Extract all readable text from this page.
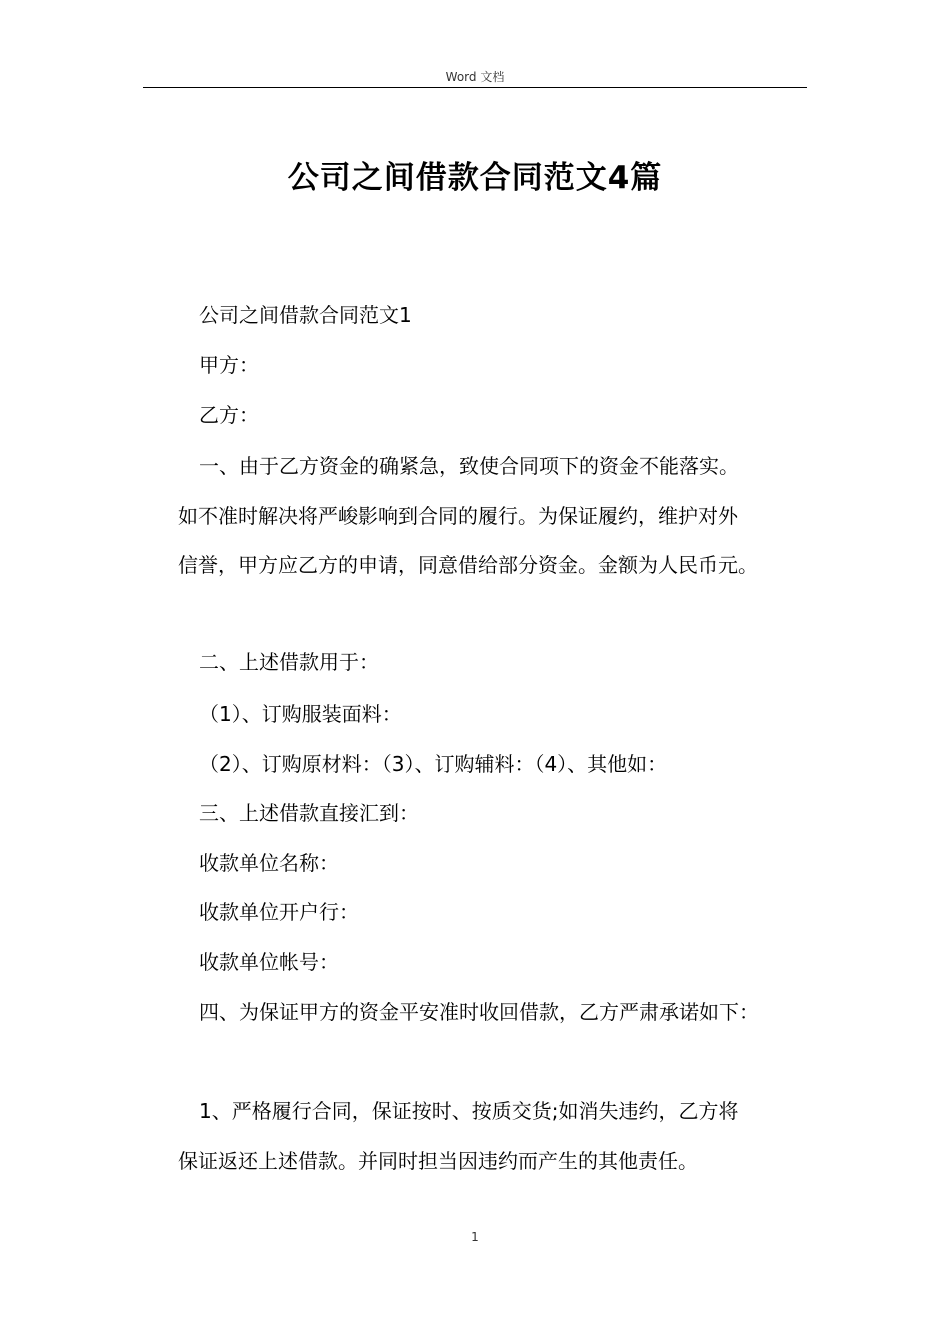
Word 文档
公司之间借款合同范文4篇
公司之间借款合同范文1
甲方：
乙方：
一、由于乙方资金的确紧急，致使合同项下的资金不能落实。
如不准时解决将严峻影响到合同的履行。为保证履约，维护对外
信誉，甲方应乙方的申请，同意借给部分资金。金额为人民币元。
二、上述借款用于：
（1）、订购服装面料：
（2）、订购原材料：（3）、订购辅料：（4）、其他如：
三、上述借款直接汇到：
收款单位名称：
收款单位开户行：
收款单位帐号：
四、为保证甲方的资金平安准时收回借款，乙方严肃承诺如下：
1、严格履行合同，保证按时、按质交货;如消失违约，乙方将
保证返还上述借款。并同时担当因违约而产生的其他责任。
1
